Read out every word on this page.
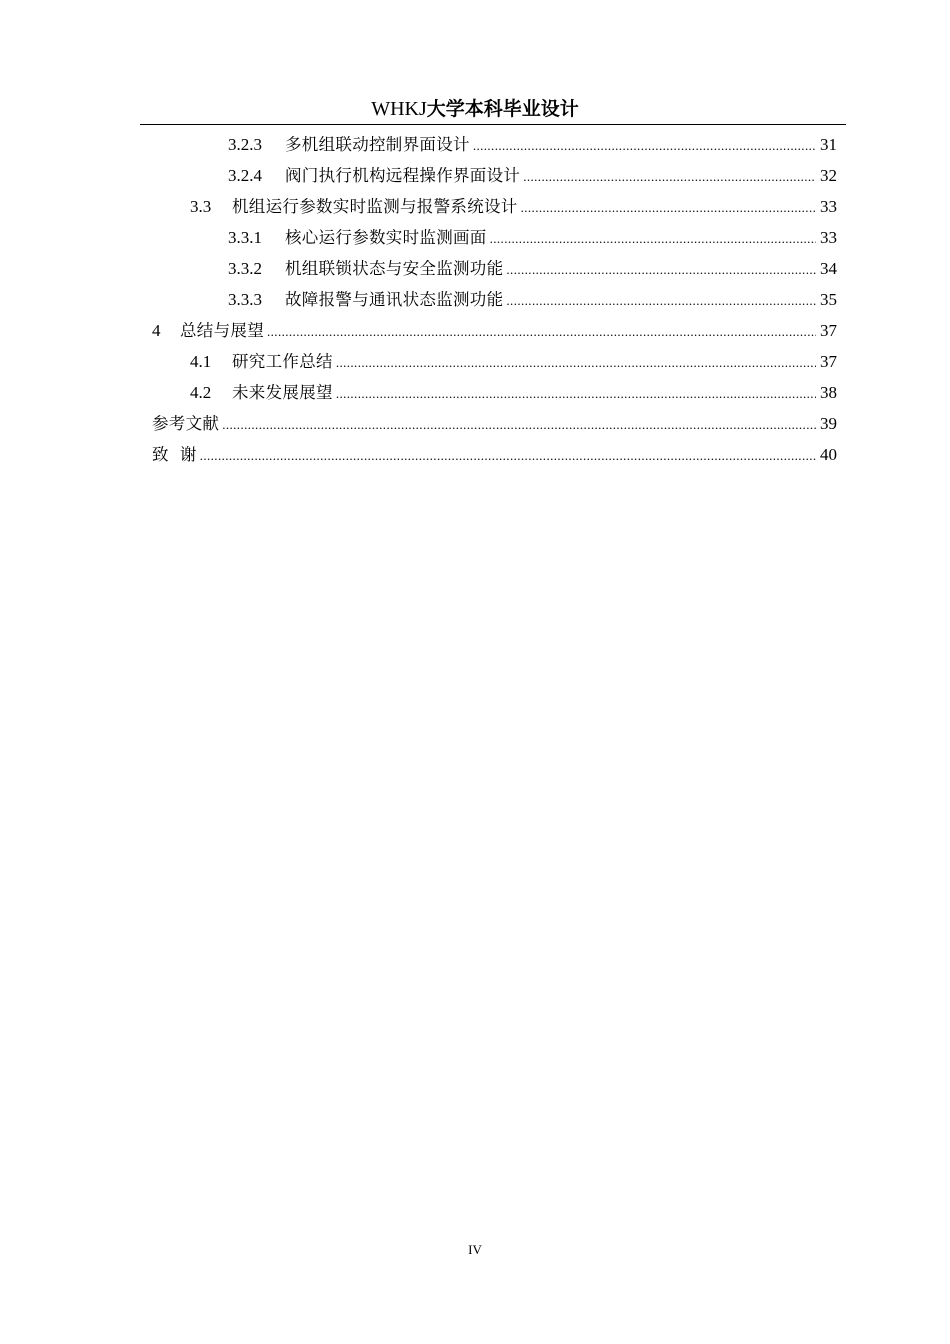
WHKJ大学本科毕业设计
3.2.3	多机组联动控制界面设计 .....	31
3.2.4	阀门执行机构远程操作界面设计 .....	32
3.3	机组运行参数实时监测与报警系统设计 .....	33
3.3.1	核心运行参数实时监测画面 .....	33
3.3.2	机组联锁状态与安全监测功能 .....	34
3.3.3	故障报警与通讯状态监测功能 .....	35
4	总结与展望 .....	37
4.1	研究工作总结 .....	37
4.2	未来发展展望 .....	38
参考文献 .....	39
致  谢 .....	40
IV
